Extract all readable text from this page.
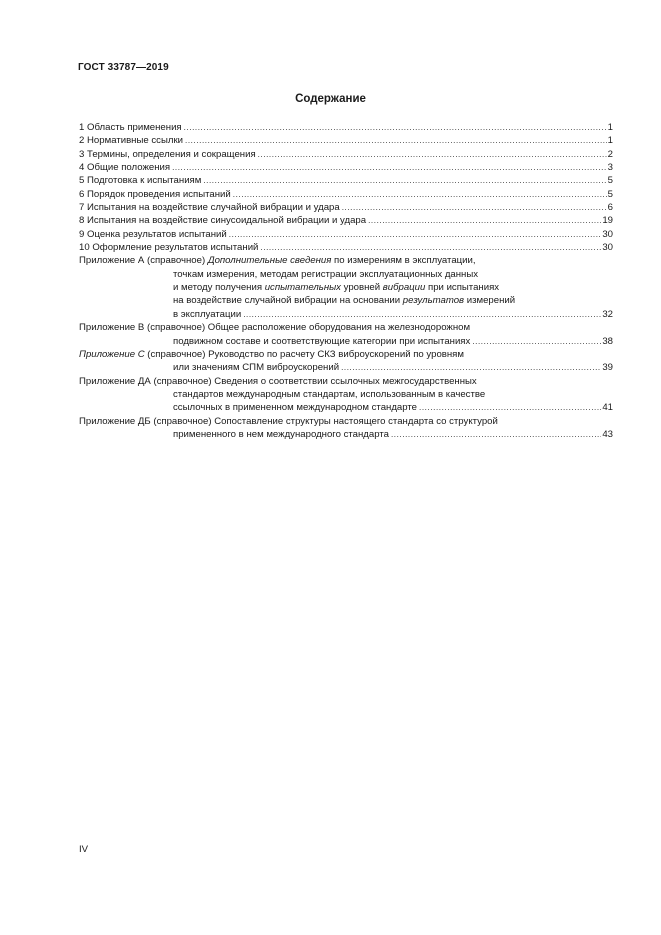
ГОСТ 33787—2019
Содержание
1 Область применения .....	1
2 Нормативные ссылки .....	1
3 Термины, определения и сокращения .....	2
4 Общие положения .....	3
5 Подготовка к испытаниям .....	5
6 Порядок проведения испытаний .....	5
7 Испытания на воздействие случайной вибрации и удара .....	6
8 Испытания на воздействие синусоидальной вибрации и удара .....	19
9 Оценка результатов испытаний .....	30
10 Оформление результатов испытаний .....	30
Приложение А (справочное) Дополнительные сведения по измерениям в эксплуатации,
точкам измерения, методам регистрации эксплуатационных данных
и методу получения испытательных уровней вибрации при испытаниях
на воздействие случайной вибрации на основании результатов измерений
в эксплуатации .....	32
Приложение В (справочное) Общее расположение оборудования на железнодорожном
подвижном составе и соответствующие категории при испытаниях .....	38
Приложение С (справочное) Руководство по расчету СКЗ виброускорений по уровням
или значениям СПМ виброускорений .....	39
Приложение ДА (справочное) Сведения о соответствии ссылочных межгосударственных
стандартов международным стандартам, использованным в качестве
ссылочных в примененном международном стандарте .....	41
Приложение ДБ (справочное) Сопоставление структуры настоящего стандарта со структурой
примененного в нем международного стандарта .....	43
IV
